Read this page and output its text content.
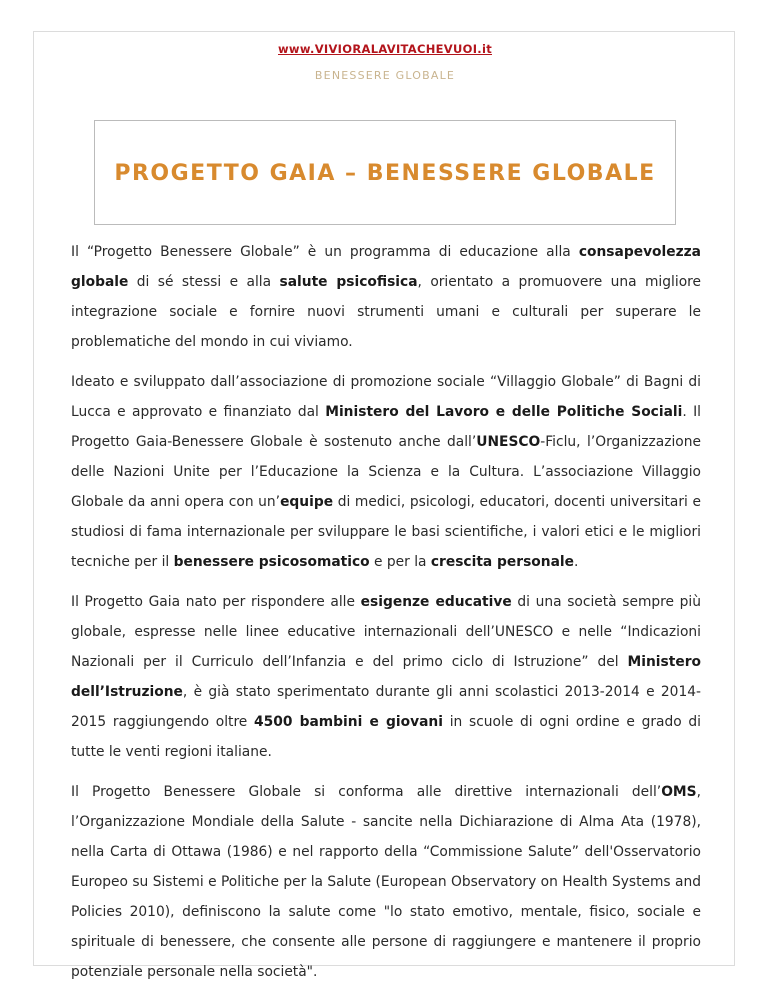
www.VIVIORALAVITACHEVUOI.it
BENESSERE GLOBALE
PROGETTO GAIA – BENESSERE GLOBALE

Il “Progetto Benessere Globale” è un programma di educazione alla consapevolezza globale di sé stessi e alla salute psicofisica, orientato a promuovere una migliore integrazione sociale e fornire nuovi strumenti umani e culturali per superare le problematiche del mondo in cui viviamo.

Ideato e sviluppato dall’associazione di promozione sociale “Villaggio Globale” di Bagni di Lucca e approvato e finanziato dal Ministero del Lavoro e delle Politiche Sociali. Il Progetto Gaia-Benessere Globale è sostenuto anche dall’UNESCO-Ficlu, l’Organizzazione delle Nazioni Unite per l’Educazione la Scienza e la Cultura. L’associazione Villaggio Globale da anni opera con un’equipe di medici, psicologi, educatori, docenti universitari e studiosi di fama internazionale per sviluppare le basi scientifiche, i valori etici e le migliori tecniche per il benessere psicosomatico e per la crescita personale.

Il Progetto Gaia nato per rispondere alle esigenze educative di una società sempre più globale, espresse nelle linee educative internazionali dell’UNESCO e nelle “Indicazioni Nazionali per il Curriculo dell’Infanzia e del primo ciclo di Istruzione” del Ministero dell’Istruzione, è già stato sperimentato durante gli anni scolastici 2013-2014 e 2014-2015 raggiungendo oltre 4500 bambini e giovani in scuole di ogni ordine e grado di tutte le venti regioni italiane.

Il Progetto Benessere Globale si conforma alle direttive internazionali dell’OMS, l’Organizzazione Mondiale della Salute - sancite nella Dichiarazione di Alma Ata (1978), nella Carta di Ottawa (1986) e nel rapporto della “Commissione Salute” dell'Osservatorio Europeo su Sistemi e Politiche per la Salute (European Observatory on Health Systems and Policies 2010), definiscono la salute come "lo stato emotivo, mentale, fisico, sociale e spirituale di benessere, che consente alle persone di raggiungere e mantenere il proprio potenziale personale nella società".
